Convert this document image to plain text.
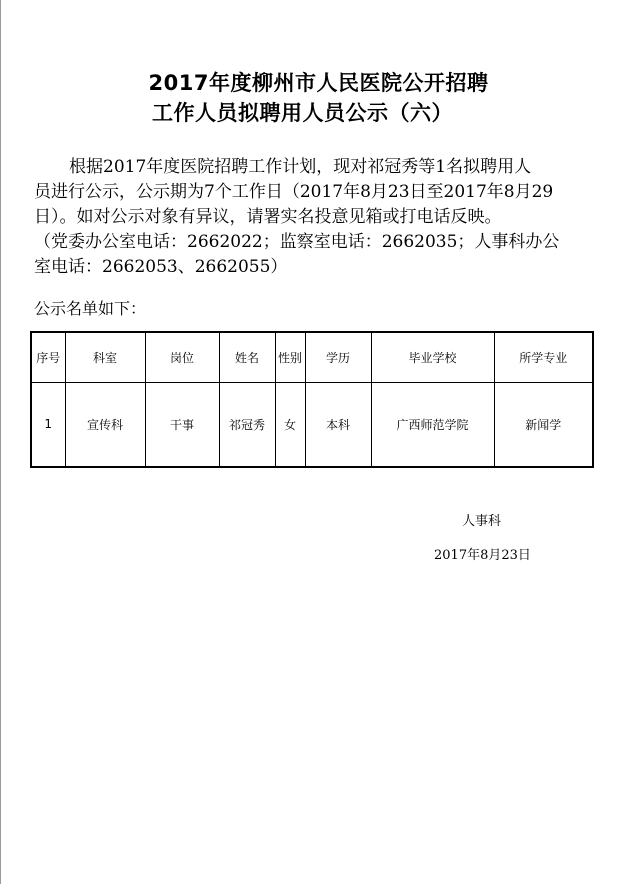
2017年度柳州市人民医院公开招聘
工作人员拟聘用人员公示（六）
根据2017年度医院招聘工作计划，现对祁冠秀等1名拟聘用人
员进行公示，公示期为7个工作日（2017年8月23日至2017年8月29
日）。如对公示对象有异议，请署实名投意见箱或打电话反映。
（党委办公室电话：2662022；监察室电话：2662035；人事科办公
室电话：2662053、2662055）
公示名单如下：
序号	科室	岗位	姓名	性别	学历	毕业学校	所学专业
1	宣传科	干事	祁冠秀	女	本科	广西师范学院	新闻学
人事科
2017年8月23日
